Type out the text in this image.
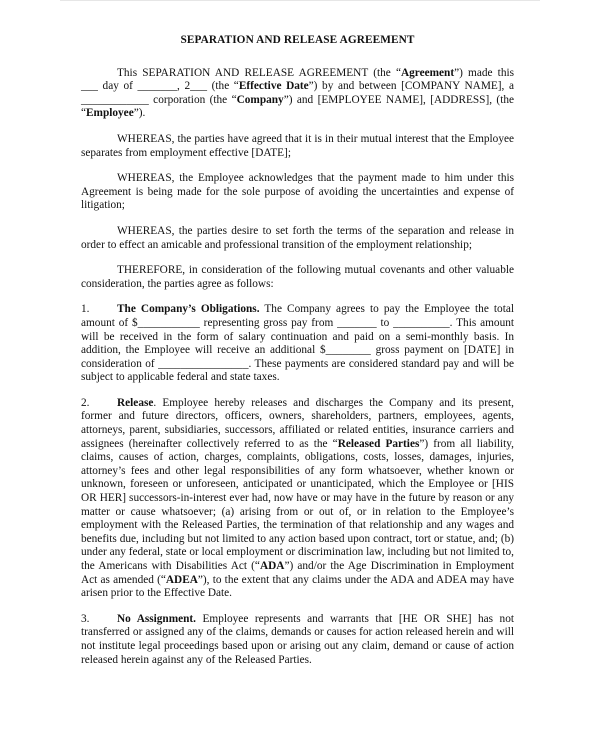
SEPARATION AND RELEASE AGREEMENT

This SEPARATION AND RELEASE AGREEMENT (the “Agreement”) made this ___ day of _______, 2___ (the “Effective Date”) by and between [COMPANY NAME], a ____________ corporation (the “Company”) and [EMPLOYEE NAME], [ADDRESS], (the “Employee”).

WHEREAS, the parties have agreed that it is in their mutual interest that the Employee separates from employment effective [DATE];

WHEREAS, the Employee acknowledges that the payment made to him under this Agreement is being made for the sole purpose of avoiding the uncertainties and expense of litigation;

WHEREAS, the parties desire to set forth the terms of the separation and release in order to effect an amicable and professional transition of the employment relationship;

THEREFORE, in consideration of the following mutual covenants and other valuable consideration, the parties agree as follows:

1. The Company’s Obligations. The Company agrees to pay the Employee the total amount of $___________ representing gross pay from _______ to __________. This amount will be received in the form of salary continuation and paid on a semi-monthly basis. In addition, the Employee will receive an additional $________ gross payment on [DATE] in consideration of ________________. These payments are considered standard pay and will be subject to applicable federal and state taxes.

2. Release. Employee hereby releases and discharges the Company and its present, former and future directors, officers, owners, shareholders, partners, employees, agents, attorneys, parent, subsidiaries, successors, affiliated or related entities, insurance carriers and assignees (hereinafter collectively referred to as the “Released Parties”) from all liability, claims, causes of action, charges, complaints, obligations, costs, losses, damages, injuries, attorney’s fees and other legal responsibilities of any form whatsoever, whether known or unknown, foreseen or unforeseen, anticipated or unanticipated, which the Employee or [HIS OR HER] successors-in-interest ever had, now have or may have in the future by reason or any matter or cause whatsoever; (a) arising from or out of, or in relation to the Employee’s employment with the Released Parties, the termination of that relationship and any wages and benefits due, including but not limited to any action based upon contract, tort or statue, and; (b) under any federal, state or local employment or discrimination law, including but not limited to, the Americans with Disabilities Act (“ADA”) and/or the Age Discrimination in Employment Act as amended (“ADEA”), to the extent that any claims under the ADA and ADEA may have arisen prior to the Effective Date.

3. No Assignment. Employee represents and warrants that [HE OR SHE] has not transferred or assigned any of the claims, demands or causes for action released herein and will not institute legal proceedings based upon or arising out any claim, demand or cause of action released herein against any of the Released Parties.
